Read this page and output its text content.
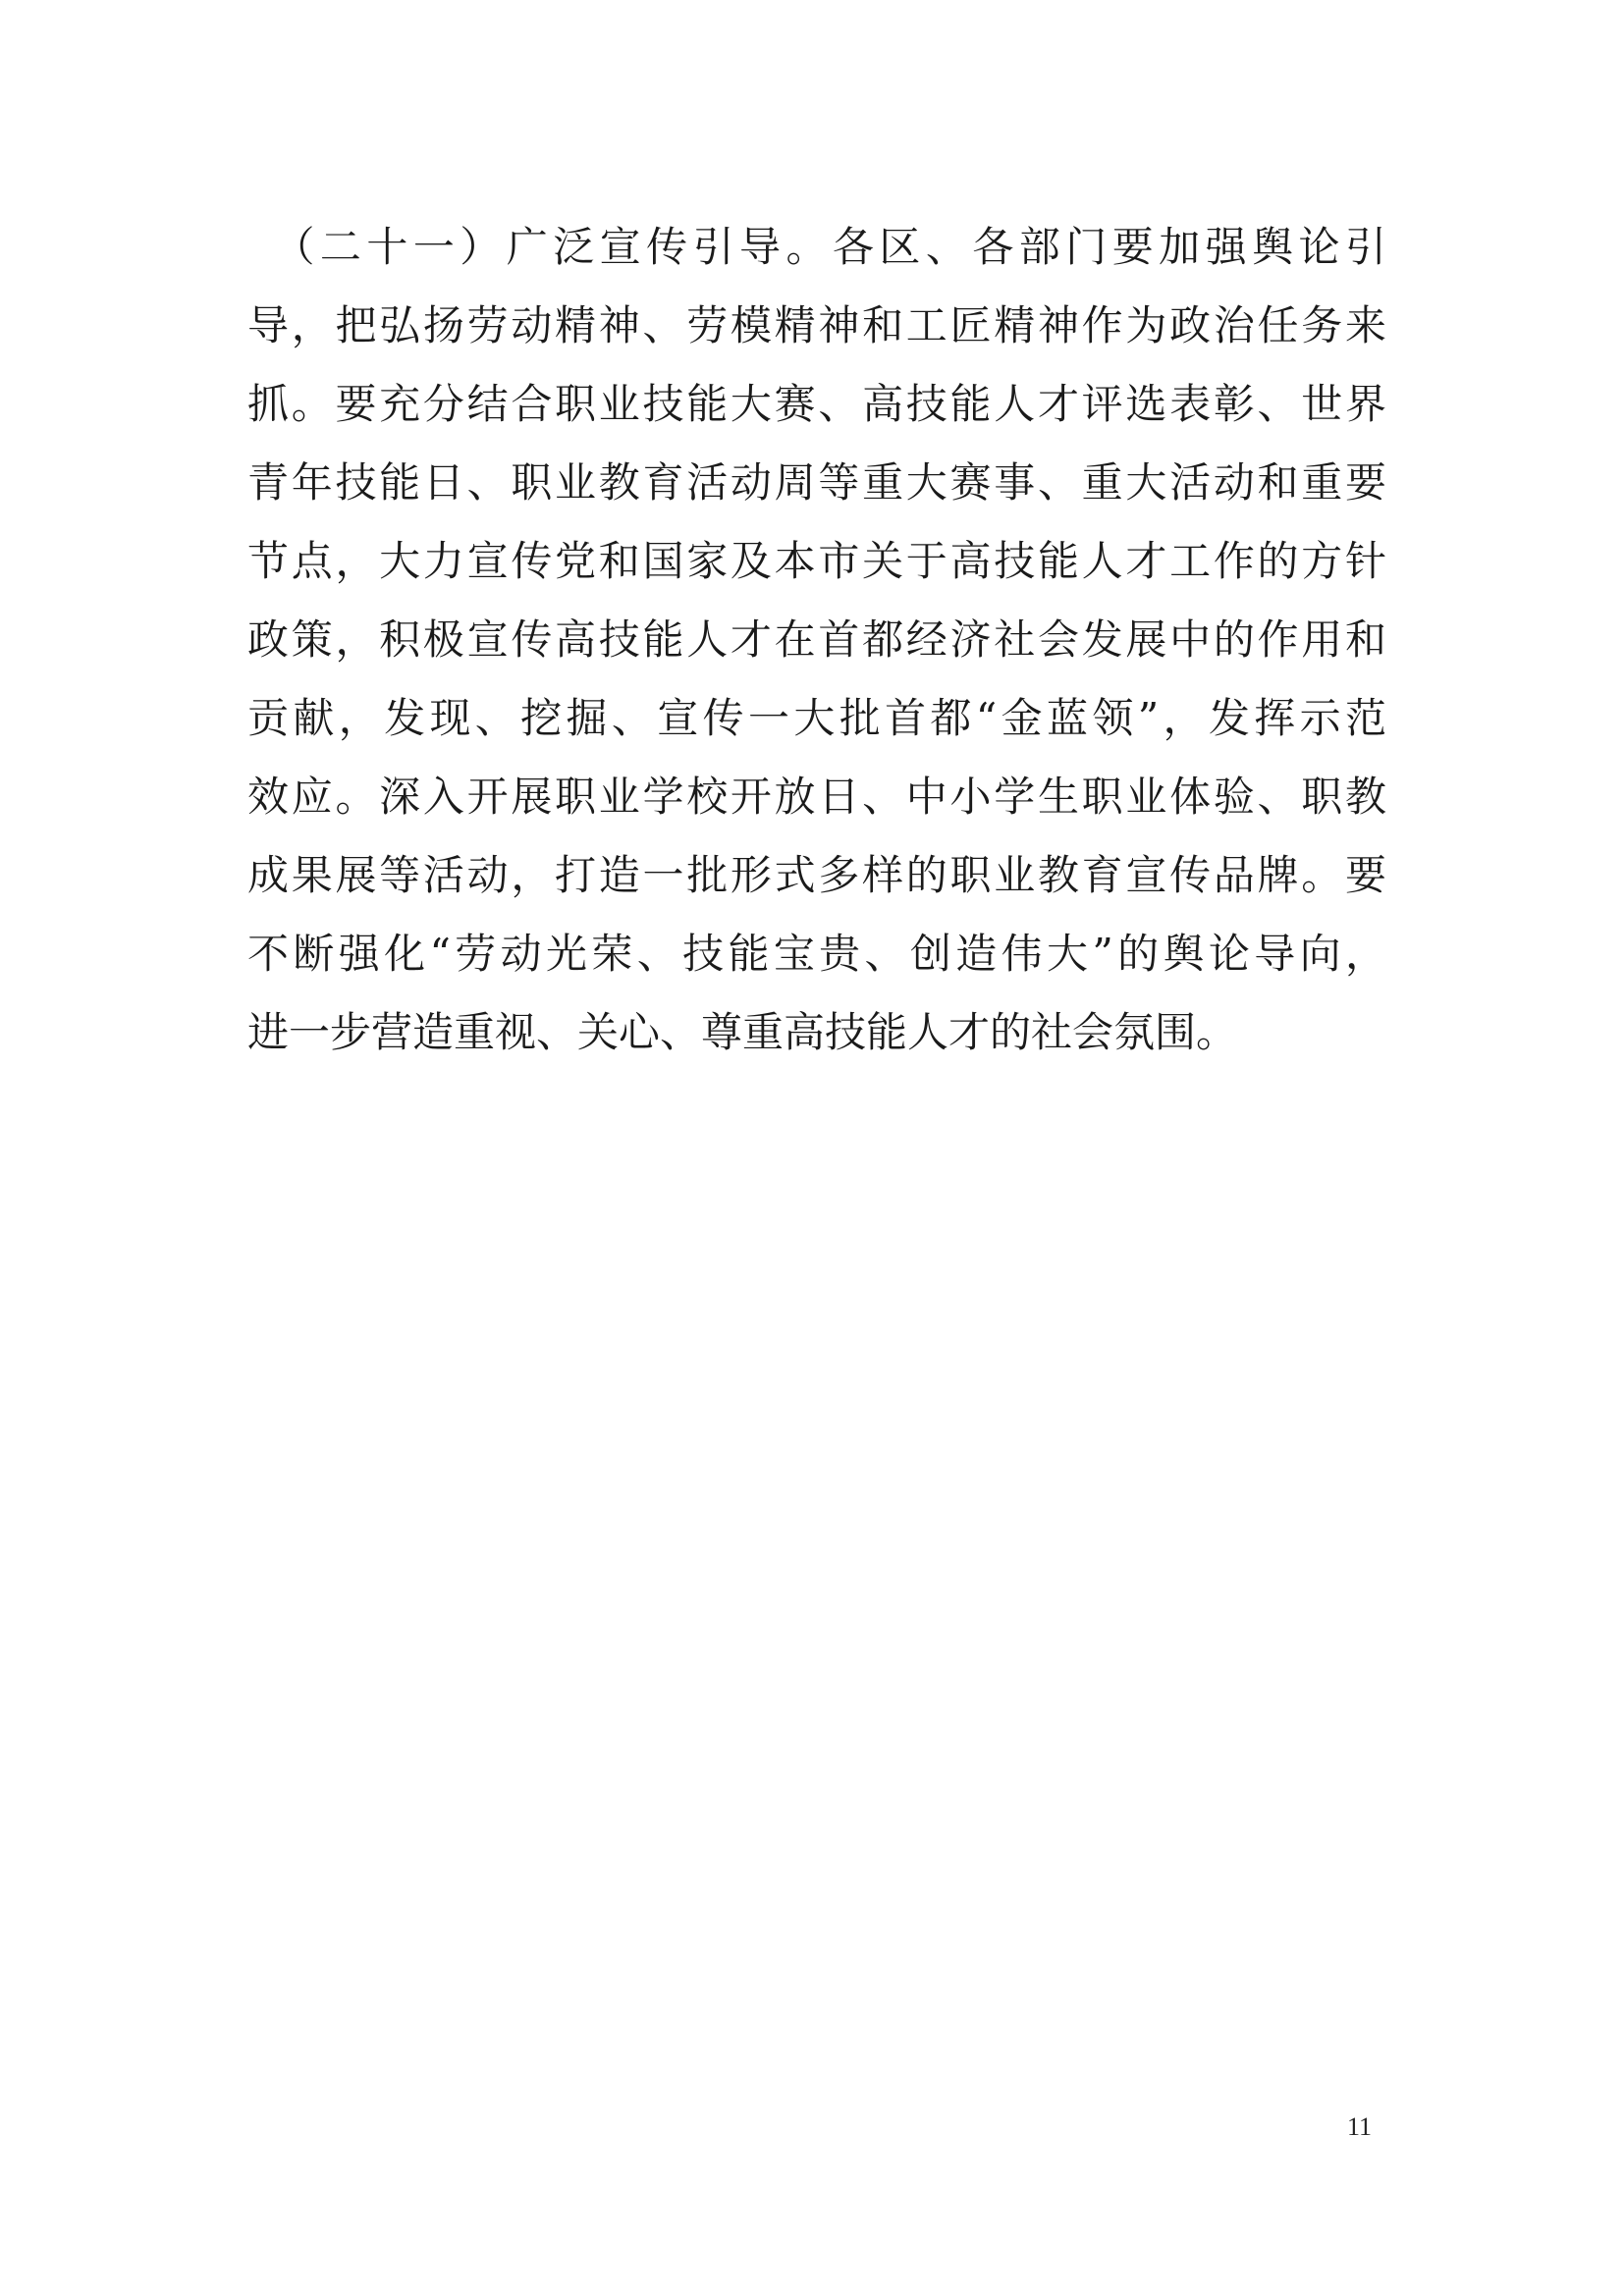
　（二十一）广泛宣传引导。各区、各部门要加强舆论引
导，把弘扬劳动精神、劳模精神和工匠精神作为政治任务来
抓。要充分结合职业技能大赛、高技能人才评选表彰、世界
青年技能日、职业教育活动周等重大赛事、重大活动和重要
节点，大力宣传党和国家及本市关于高技能人才工作的方针
政策，积极宣传高技能人才在首都经济社会发展中的作用和
贡献，发现、挖掘、宣传一大批首都“金蓝领”，发挥示范
效应。深入开展职业学校开放日、中小学生职业体验、职教
成果展等活动，打造一批形式多样的职业教育宣传品牌。要
不断强化“劳动光荣、技能宝贵、创造伟大”的舆论导向，
进一步营造重视、关心、尊重高技能人才的社会氛围。
11
